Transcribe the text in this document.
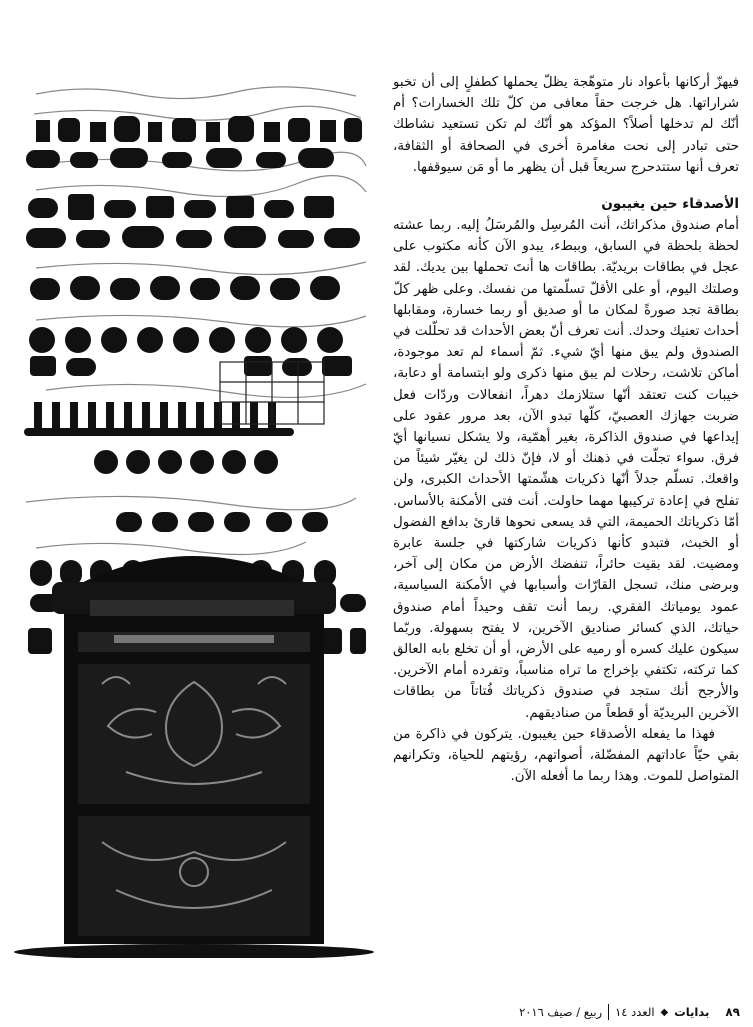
فيهزّ أركانها بأعواد نار متوهّجة يظلّ يحملها كطفلٍ إلى أن تخبو شراراتها. هل خرجت حقاً معافى من كلّ تلك الخسارات؟ أم أنّك لم تدخلها أصلاً؟ المؤكد هو أنّك لم تكن تستعيد نشاطك حتى تبادر إلى نحت مغامرة أخرى في الصحافة أو الثقافة، تعرف أنها ستتدحرج سريعاً قبل أن يظهر ما أو مَن سيوقفها.

الأصدقاء حين يغيبون

أمام صندوق مذكراتك، أنت المُرسِل والمُرسَلُ إليه. ربما عشته لحظة بلحظة في السابق، وببطء، يبدو الآن كأنه مكتوب على عجل في بطاقات بريديّة. بطاقات ها أنتَ تحملها بين يديك. لقد وصلتك اليوم، أو على الأقلّ تسلّمتها من نفسك. وعلى ظهر كلّ بطاقة تجد صورةً لمكان ما أو صديق أو ربما خسارة، ومقابلها أحداث تعنيك وحدك. أنت تعرف أنّ بعض الأحداث قد تحلّلت في الصندوق ولم يبق منها أيّ شيء. ثمّ أسماء لم تعد موجودة، أماكن تلاشت، رحلات لم يبق منها ذكرى ولو ابتسامة أو دعابة، خيبات كنت تعتقد أنّها ستلازمك دهراً، انفعالات وردّات فعل ضربت جهازك العصبيّ، كلّها تبدو الآن، بعد مرور عقود على إيداعها في صندوق الذاكرة، بغير أهمّية، ولا يشكل نسيانها أيّ فرق. سواء تجلّت في ذهنك أو لا، فإنّ ذلك لن يغيّر شيئاً من واقعك. تسلّم جدلاً أنّها ذكريات هشّمتها الأحداث الكبرى، ولن تفلح في إعادة تركيبها مهما حاولت. أنت فتى الأمكنة بالأساس. أمّا ذكرياتك الحميمة، التي قد يسعى نحوها قارئ بدافع الفضول أو الخبث، فتبدو كأنها ذكريات شاركتها في جلسة عابرة ومضيت. لقد بقيت حائراً، تنفضك الأرض من مكان إلى آخر، وبرضى منك، تسجل القارّات وأسبابها في الأمكنة السياسية، عمود يومياتك الفقري. ربما أنت تقف وحيداً أمام صندوق حياتك، الذي كسائر صناديق الآخرين، لا يفتح بسهولة. وربّما سيكون عليك كسره أو رميه على الأرض، أو أن تخلع بابه العالق كما تركته، تكتفي بإخراج ما تراه مناسباً، وتفرده أمام الآخرين. والأرجح أنك ستجد في صندوق ذكرياتك فُتاتاً من بطاقات الآخرين البريديّة أو قطعاً من صناديقهم.

فهذا ما يفعله الأصدقاء حين يغيبون. يتركون في ذاكرة من بقي حيّاً عاداتهم المفضّلة، أصواتهم، رؤيتهم للحياة، وتكرانهم المتواصل للموت. وهذا ربما ما أفعله الآن.

٨٩
بدايات
◆
العدد ١٤
ربيع / صيف ٢٠١٦
